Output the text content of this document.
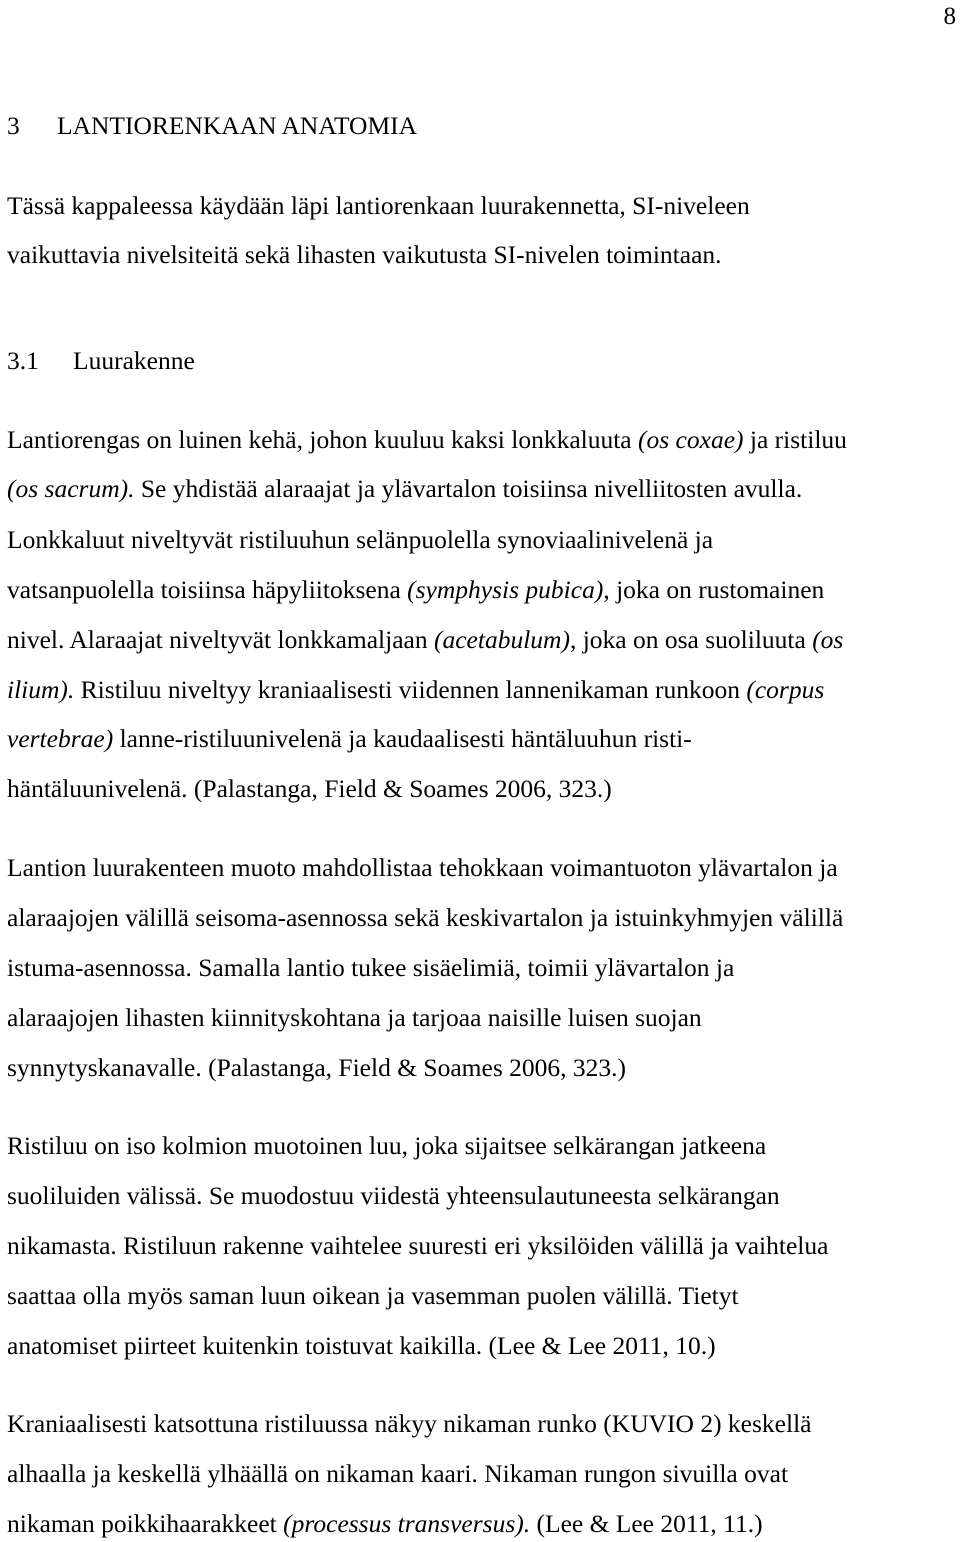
8
3 LANTIORENKAAN ANATOMIA
Tässä kappaleessa käydään läpi lantiorenkaan luurakennetta, SI-niveleen
vaikuttavia nivelsiteitä sekä lihasten vaikutusta SI-nivelen toimintaan.
3.1 Luurakenne
Lantiorengas on luinen kehä, johon kuuluu kaksi lonkkaluuta (os coxae) ja ristiluu
(os sacrum). Se yhdistää alaraajat ja ylävartalon toisiinsa nivelliitosten avulla.
Lonkkaluut niveltyvät ristiluuhun selänpuolella synoviaalinivelenä ja
vatsanpuolella toisiinsa häpyliitoksena (symphysis pubica), joka on rustomainen
nivel. Alaraajat niveltyvät lonkkamaljaan (acetabulum), joka on osa suoliluuta (os
ilium). Ristiluu niveltyy kraniaalisesti viidennen lannenikaman runkoon (corpus
vertebrae) lanne-ristiluunivelenä ja kaudaalisesti häntäluuhun risti-
häntäluunivelenä. (Palastanga, Field & Soames 2006, 323.)
Lantion luurakenteen muoto mahdollistaa tehokkaan voimantuoton ylävartalon ja
alaraajojen välillä seisoma-asennossa sekä keskivartalon ja istuinkyhmyjen välillä
istuma-asennossa. Samalla lantio tukee sisäelimiä, toimii ylävartalon ja
alaraajojen lihasten kiinnityskohtana ja tarjoaa naisille luisen suojan
synnytyskanavalle. (Palastanga, Field & Soames 2006, 323.)
Ristiluu on iso kolmion muotoinen luu, joka sijaitsee selkärangan jatkeena
suoliluiden välissä. Se muodostuu viidestä yhteensulautuneesta selkärangan
nikamasta. Ristiluun rakenne vaihtelee suuresti eri yksilöiden välillä ja vaihtelua
saattaa olla myös saman luun oikean ja vasemman puolen välillä. Tietyt
anatomiset piirteet kuitenkin toistuvat kaikilla. (Lee & Lee 2011, 10.)
Kraniaalisesti katsottuna ristiluussa näkyy nikaman runko (KUVIO 2) keskellä
alhaalla ja keskellä ylhäällä on nikaman kaari. Nikaman rungon sivuilla ovat
nikaman poikkihaarakkeet (processus transversus). (Lee & Lee 2011, 11.)
